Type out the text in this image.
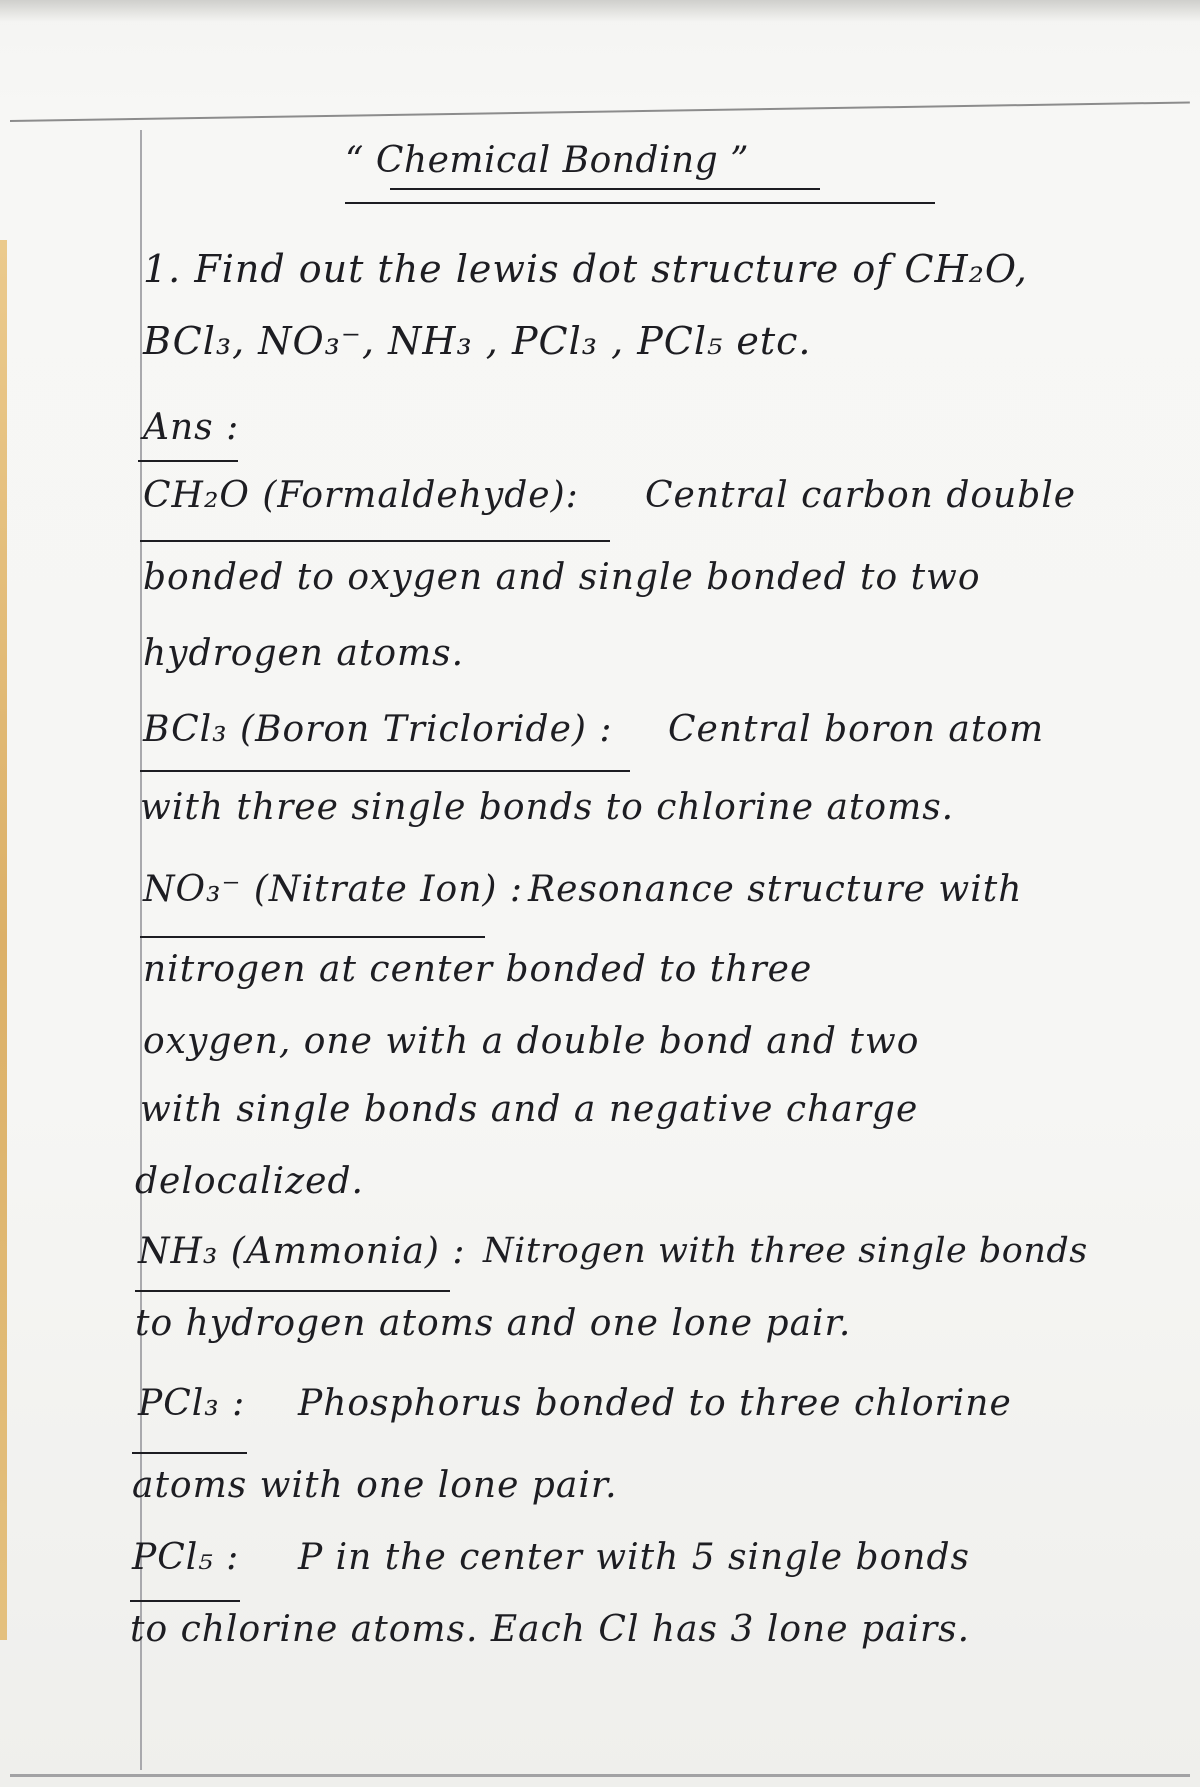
“ Chemical Bonding ”
1. Find out the lewis dot structure of CH₂O,
BCl₃, NO₃⁻, NH₃ , PCl₃ , PCl₅ etc.
Ans :
CH₂O (Formaldehyde): Central carbon double
bonded to oxygen and single bonded to two
hydrogen atoms.
BCl₃ (Boron Tricloride) : Central boron atom
with three single bonds to chlorine atoms.
NO₃⁻ (Nitrate Ion) : Resonance structure with
nitrogen at center bonded to three
oxygen, one with a double bond and two
with single bonds and a negative charge
delocalized.
NH₃ (Ammonia) : Nitrogen with three single bonds
to hydrogen atoms and one lone pair.
PCl₃ : Phosphorus bonded to three chlorine
atoms with one lone pair.
PCl₅ : P in the center with 5 single bonds
to chlorine atoms. Each Cl has 3 lone pairs.
